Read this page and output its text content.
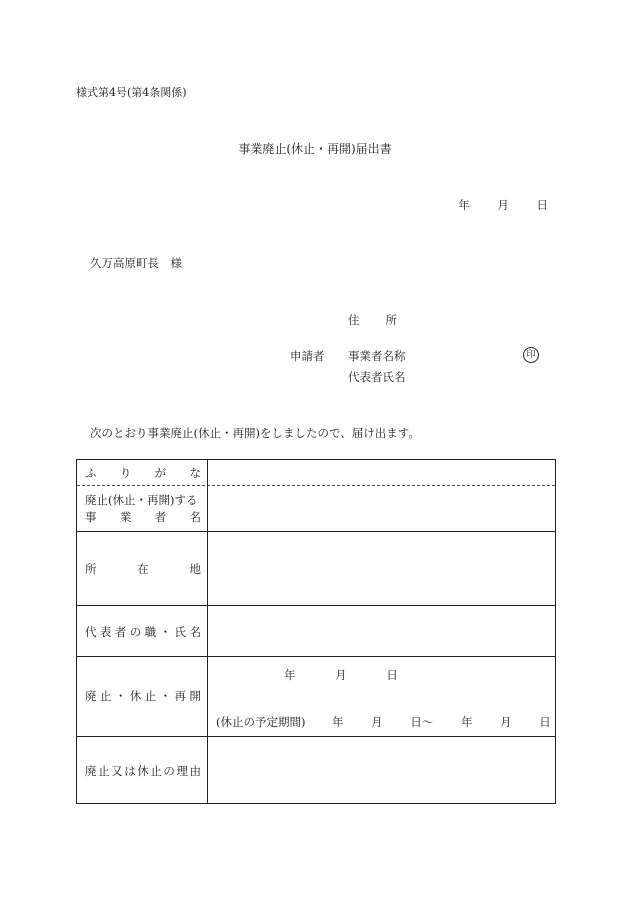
様式第4号(第4条関係)
事業廃止(休止・再開)届出書
年 月 日
久万高原町長　様
住所
申請者 事業者名称	印
代表者氏名
次のとおり事業廃止(休止・再開)をしましたので、届け出ます。
ふ り が な
廃止(休止・再開)する
事 業 者 名
所	在	地
代 表 者 の 職 ・ 氏 名
廃 止 ・ 休 止 ・ 再 開
年	月	日
(休止の予定期間) 年 月 日〜 年 月 日
廃 止 又 は 休 止 の 理 由
